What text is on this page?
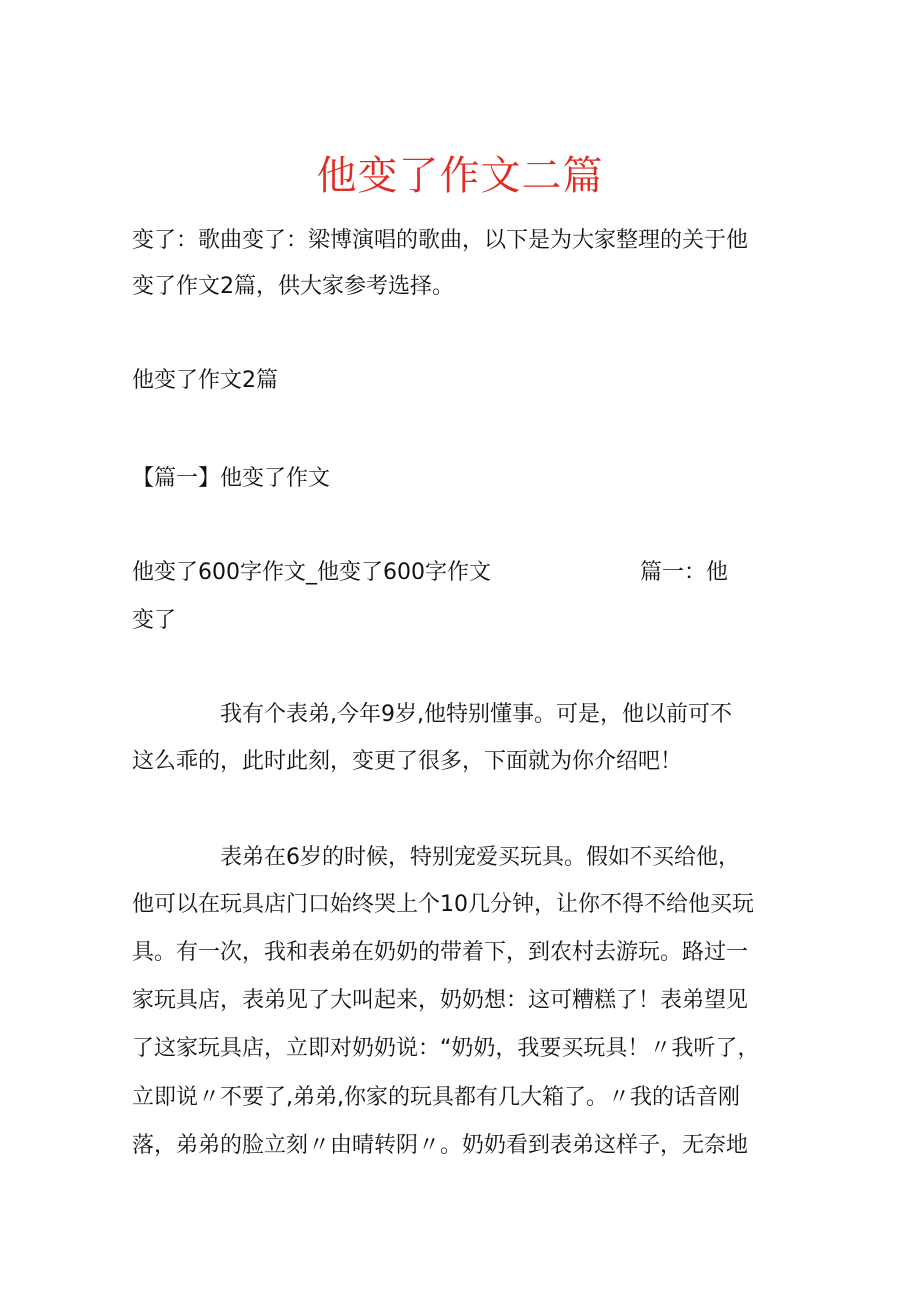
他变了作文二篇
变了：歌曲变了：梁博演唱的歌曲，以下是为大家整理的关于他
变了作文2篇，供大家参考选择。
他变了作文2篇
【篇一】他变了作文
他变了600字作文_他变了600字作文	篇一：他
变了
　　　　我有个表弟,今年9岁,他特别懂事。可是，他以前可不
这么乖的，此时此刻，变更了很多，下面就为你介绍吧！
　　　　表弟在6岁的时候，特别宠爱买玩具。假如不买给他，
他可以在玩具店门口始终哭上个10几分钟，让你不得不给他买玩
具。有一次，我和表弟在奶奶的带着下，到农村去游玩。路过一
家玩具店，表弟见了大叫起来，奶奶想：这可糟糕了！表弟望见
了这家玩具店，立即对奶奶说：“奶奶，我要买玩具！〃我听了，
立即说〃不要了,弟弟,你家的玩具都有几大箱了。〃我的话音刚
落，弟弟的脸立刻〃由晴转阴〃。奶奶看到表弟这样子，无奈地
